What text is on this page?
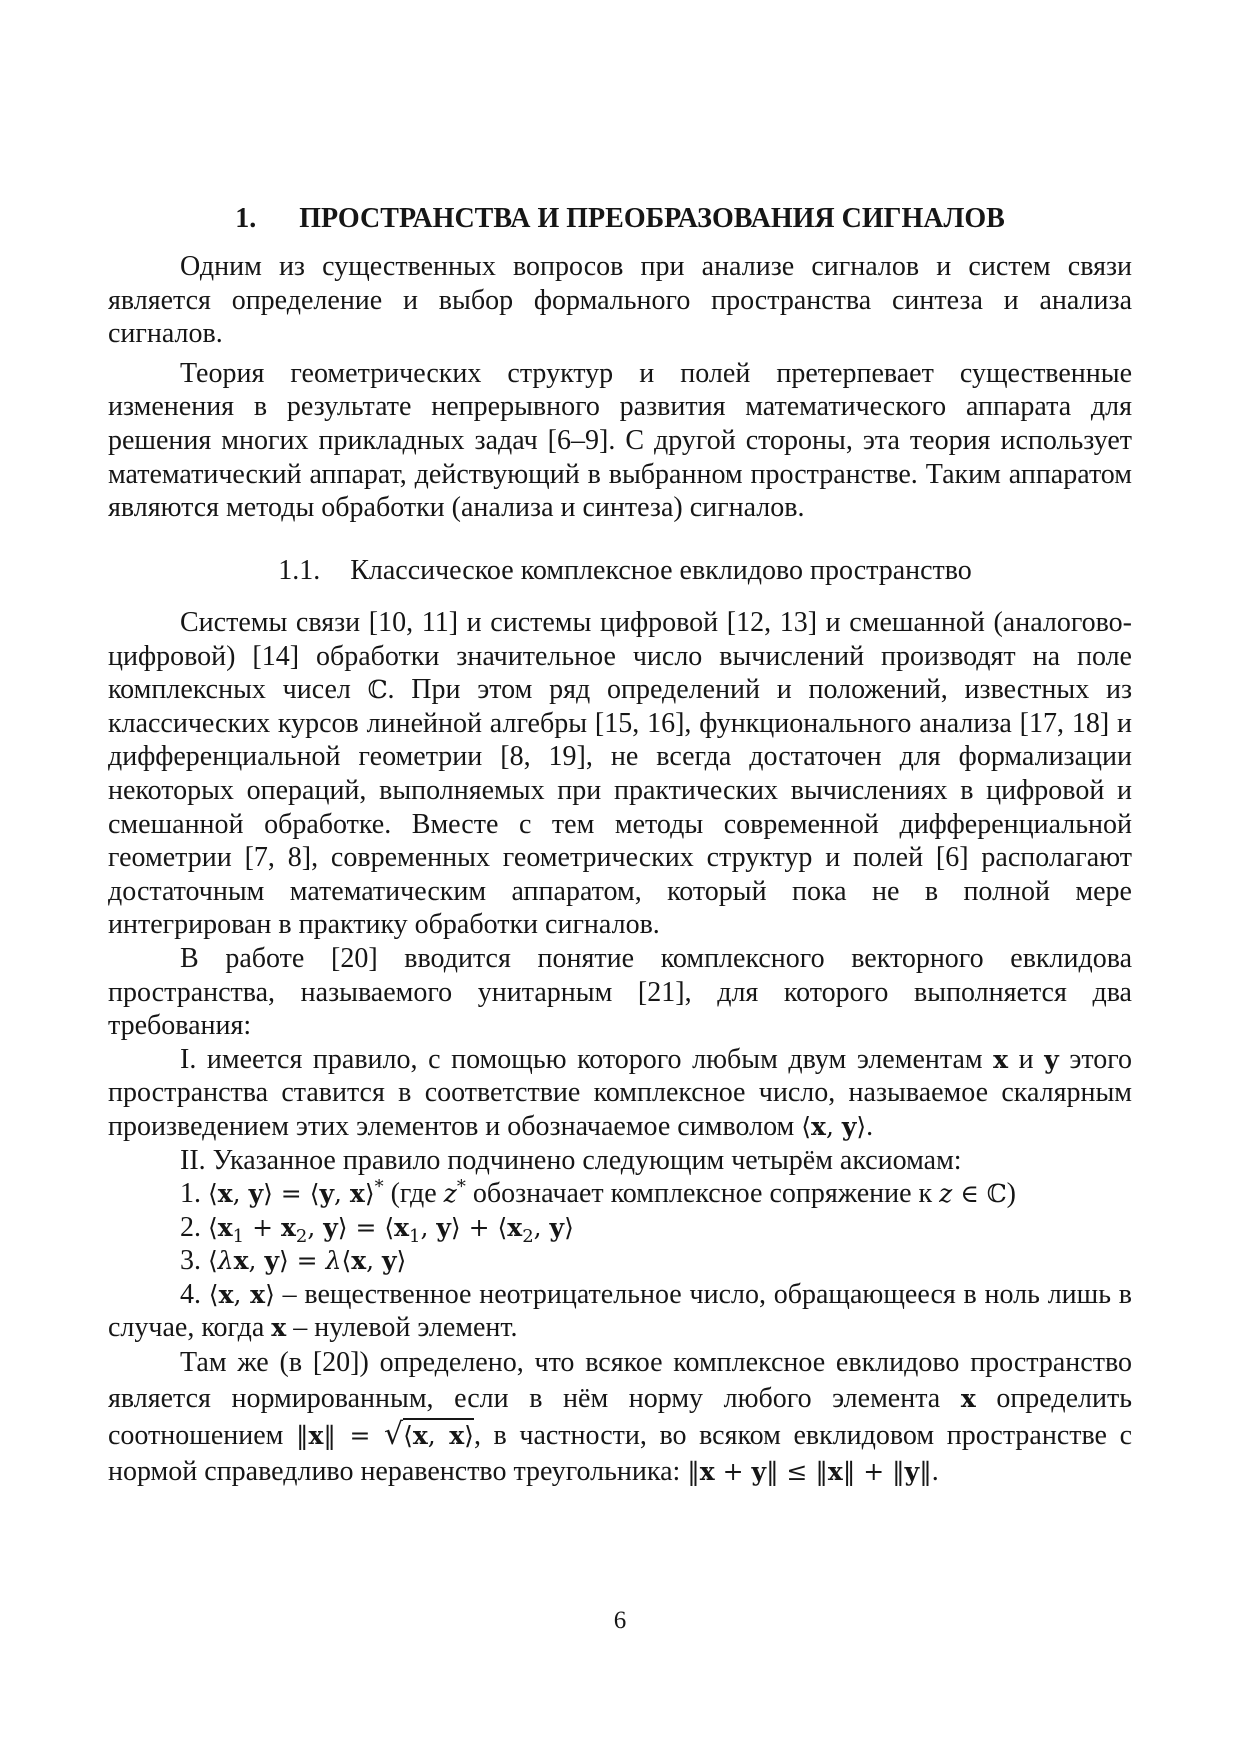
1. ПРОСТРАНСТВА И ПРЕОБРАЗОВАНИЯ СИГНАЛОВ

Одним из существенных вопросов при анализе сигналов и систем связи является определение и выбор формального пространства синтеза и анализа сигналов.

Теория геометрических структур и полей претерпевает существенные изменения в результате непрерывного развития математического аппарата для решения многих прикладных задач [6–9]. С другой стороны, эта теория использует математический аппарат, действующий в выбранном пространстве. Таким аппаратом являются методы обработки (анализа и синтеза) сигналов.

1.1. Классическое комплексное евклидово пространство

Системы связи [10, 11] и системы цифровой [12, 13] и смешанной (аналогово-цифровой) [14] обработки значительное число вычислений производят на поле комплексных чисел ℂ. При этом ряд определений и положений, известных из классических курсов линейной алгебры [15, 16], функционального анализа [17, 18] и дифференциальной геометрии [8, 19], не всегда достаточен для формализации некоторых операций, выполняемых при практических вычислениях в цифровой и смешанной обработке. Вместе с тем методы современной дифференциальной геометрии [7, 8], современных геометрических структур и полей [6] располагают достаточным математическим аппаратом, который пока не в полной мере интегрирован в практику обработки сигналов.

В работе [20] вводится понятие комплексного векторного евклидова пространства, называемого унитарным [21], для которого выполняется два требования:

I. имеется правило, с помощью которого любым двум элементам x и y этого пространства ставится в соответствие комплексное число, называемое скалярным произведением этих элементов и обозначаемое символом ⟨x, y⟩.

II. Указанное правило подчинено следующим четырём аксиомам:

1. ⟨x, y⟩ = ⟨y, x⟩* (где z* обозначает комплексное сопряжение к z ∈ ℂ)

2. $⟨x_1 + x_2$, y⟩ = $⟨x_1$, y⟩ + $⟨x_2$, y⟩

3. ⟨λx, y⟩ = λ⟨x, y⟩

4. ⟨x, x⟩ – вещественное неотрицательное число, обращающееся в ноль лишь в случае, когда x – нулевой элемент.

Там же (в [20]) определено, что всякое комплексное евклидово пространство является нормированным, если в нём норму любого элемента x определить соотношением ‖x‖ = √⟨x, x⟩, в частности, во всяком евклидовом пространстве с нормой справедливо неравенство треугольника: ‖x + y‖ ≤ ‖x‖ + ‖y‖.

6
